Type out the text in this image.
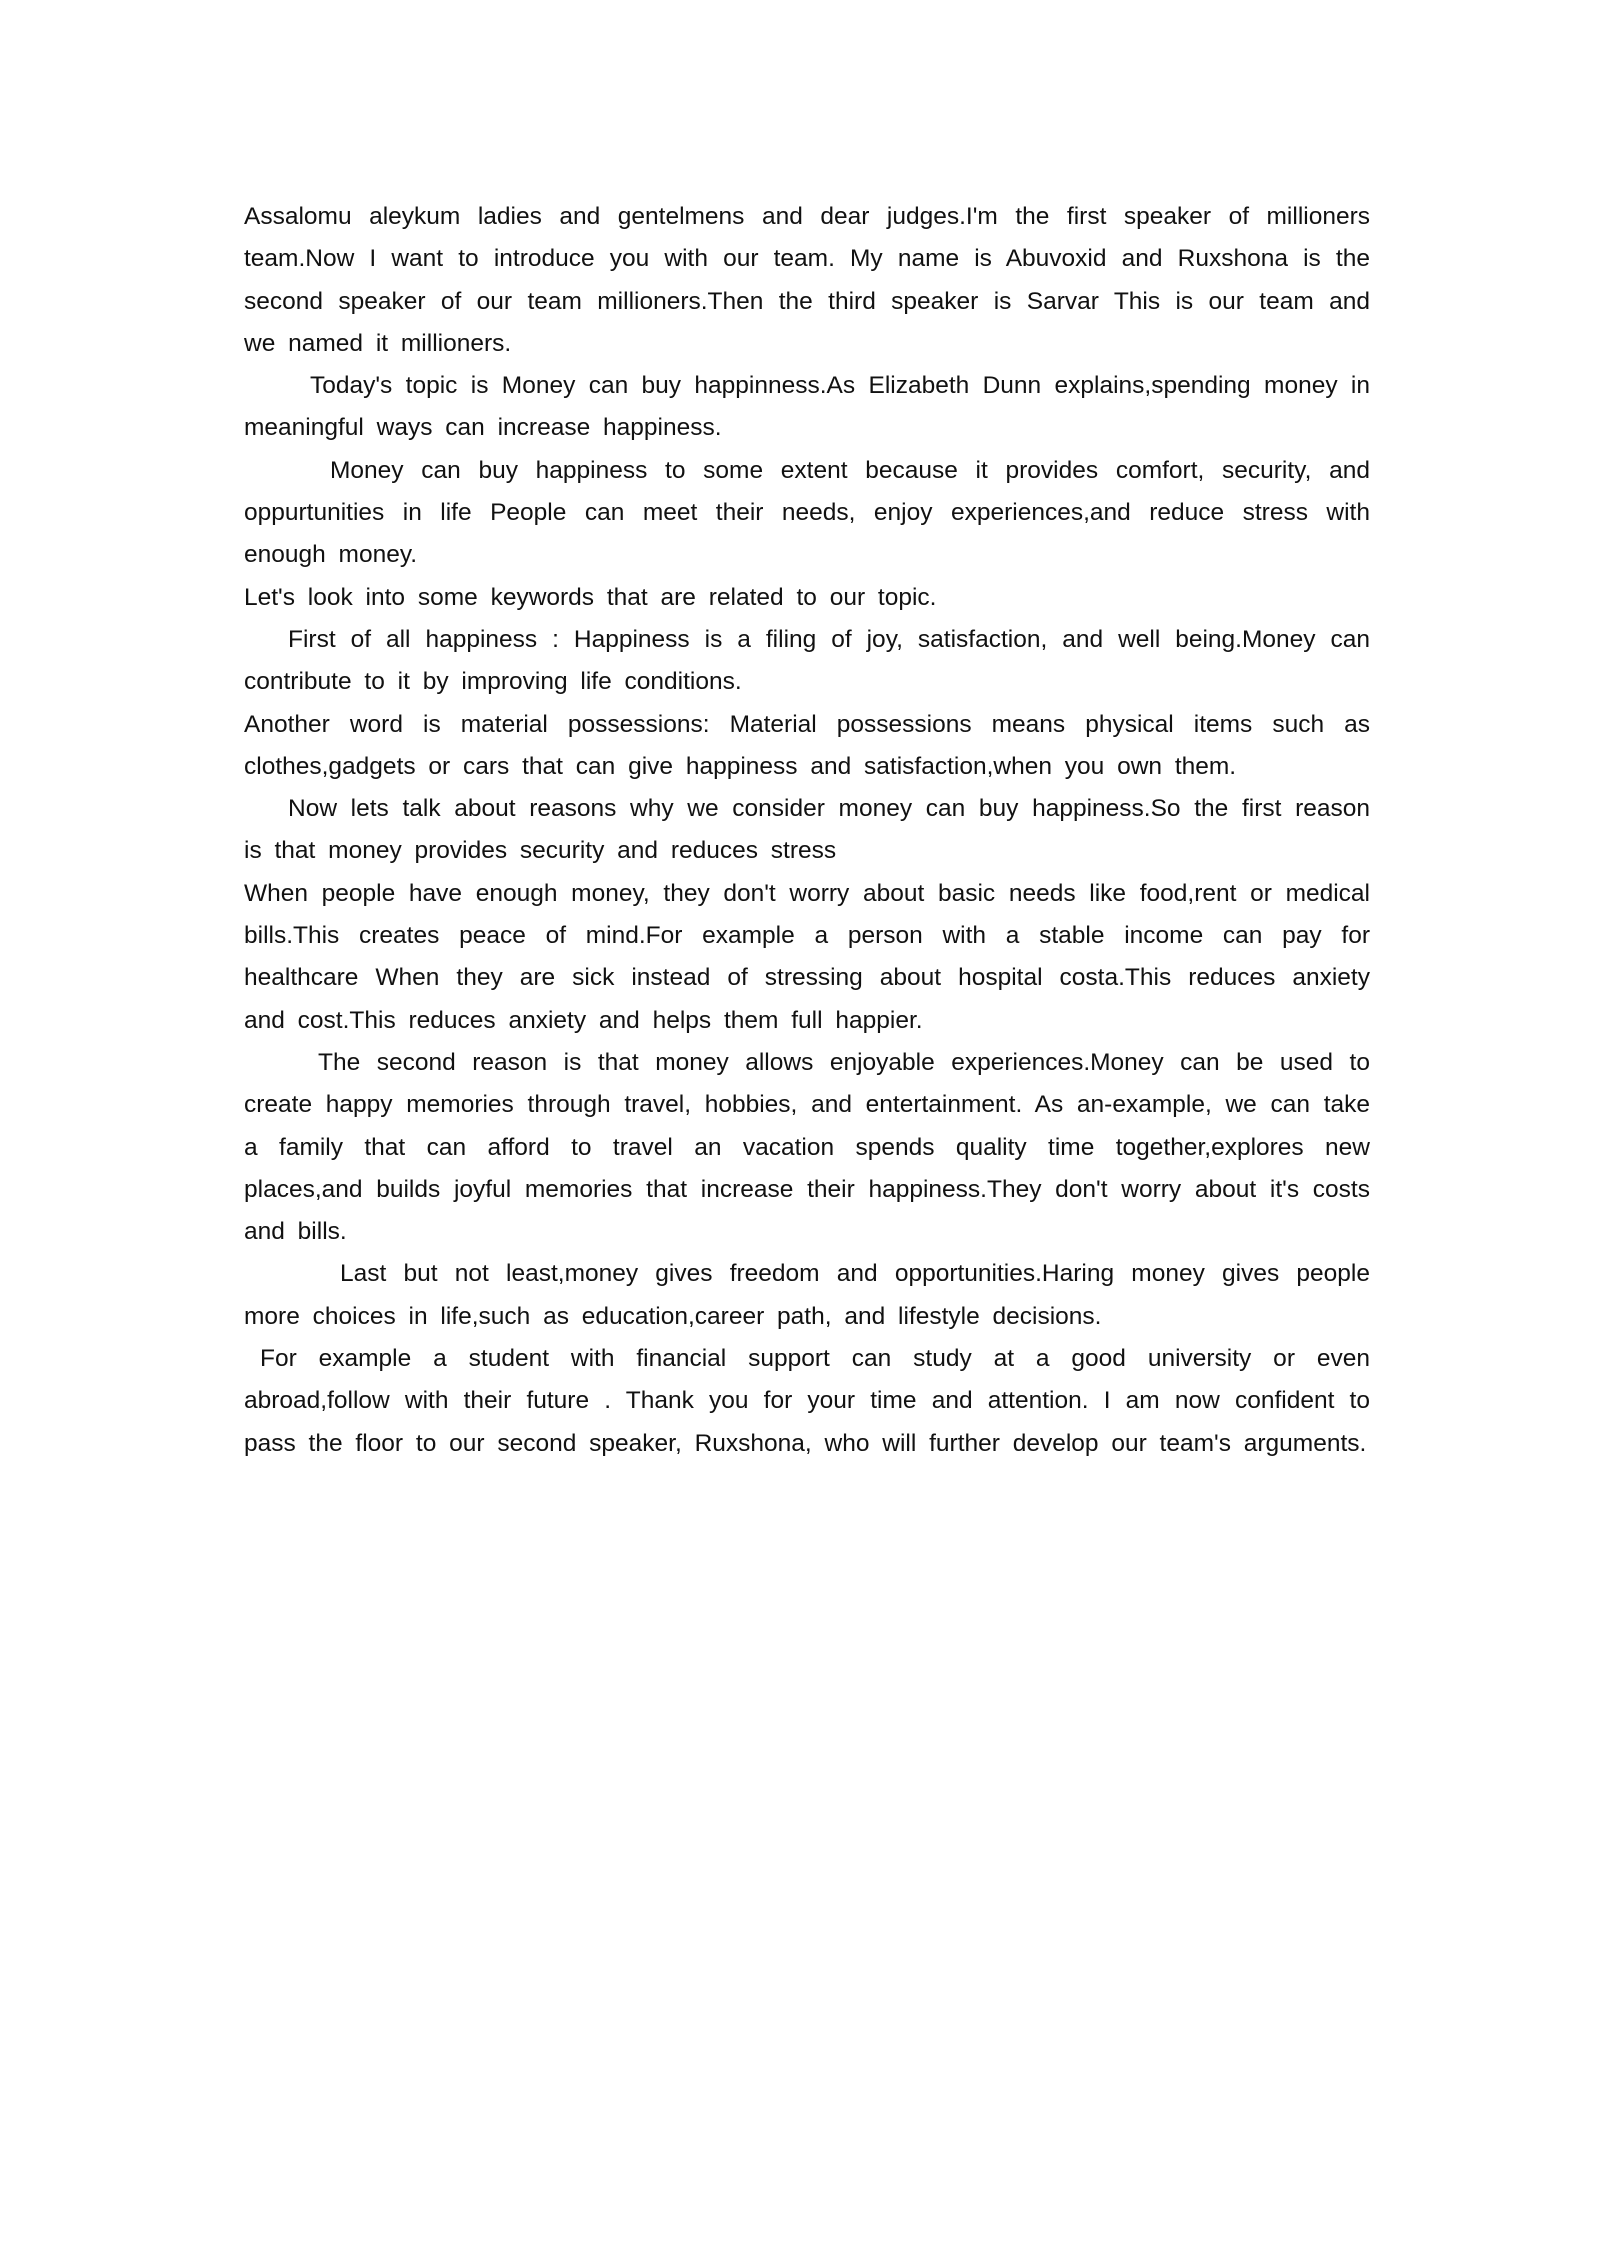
Assalomu aleykum ladies and gentelmens and dear judges.I'm the first speaker of millioners team.Now I want to introduce you with our team. My name is Abuvoxid and Ruxshona is the second speaker of our team millioners.Then the third speaker is Sarvar This is our team and we named it millioners.

Today's topic is Money can buy happinness.As Elizabeth Dunn explains,spending money in meaningful ways can increase happiness.

Money can buy happiness to some extent because it provides comfort, security, and oppurtunities in life People can meet their needs, enjoy experiences,and reduce stress with enough money.

Let's look into some keywords that are related to our topic.

First of all happiness : Happiness is a filing of joy, satisfaction, and well being.Money can contribute to it by improving life conditions.

Another word is material possessions: Material possessions means physical items such as clothes,gadgets or cars that can give happiness and satisfaction,when you own them.

Now lets talk about reasons why we consider money can buy happiness.So the first reason is that money provides security and reduces stress

When people have enough money, they don't worry about basic needs like food,rent or medical bills.This creates peace of mind.For example a person with a stable income can pay for healthcare When they are sick instead of stressing about hospital costa.This reduces anxiety and cost.This reduces anxiety and helps them full happier.

The second reason is that money allows enjoyable experiences.Money can be used to create happy memories through travel, hobbies, and entertainment. As an-example, we can take a family that can afford to travel an vacation spends quality time together,explores new places,and builds joyful memories that increase their happiness.They don't worry about it's costs and bills.

Last but not least,money gives freedom and opportunities.Haring money gives people more choices in life,such as education,career path, and lifestyle decisions.

For example a student with financial support can study at a good university or even abroad,follow with their future . Thank you for your time and attention. I am now confident to pass the floor to our second speaker, Ruxshona, who will further develop our team's arguments.
